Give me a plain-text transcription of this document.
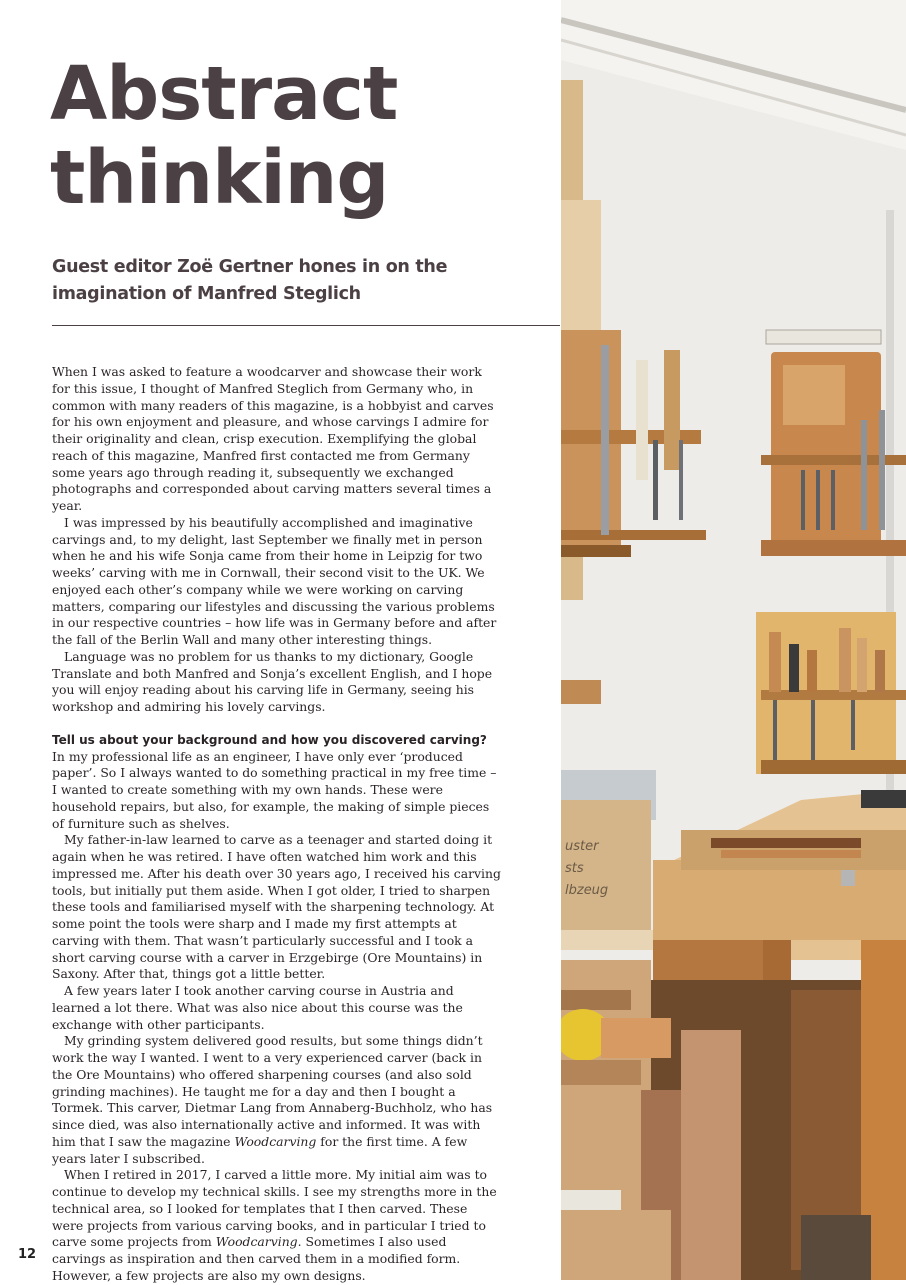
Abstract
thinking
Guest editor Zoë Gertner hones in on the imagination of Manfred Steglich

When I was asked to feature a woodcarver and showcase their work for this issue, I thought of Manfred Steglich from Germany who, in common with many readers of this magazine, is a hobbyist and carves for his own enjoyment and pleasure, and whose carvings I admire for their originality and clean, crisp execution. Exemplifying the global reach of this magazine, Manfred first contacted me from Germany some years ago through reading it, subsequently we exchanged photographs and corresponded about carving matters several times a year.

I was impressed by his beautifully accomplished and imaginative carvings and, to my delight, last September we finally met in person when he and his wife Sonja came from their home in Leipzig for two weeks’ carving with me in Cornwall, their second visit to the UK. We enjoyed each other’s company while we were working on carving matters, comparing our lifestyles and discussing the various problems in our respective countries – how life was in Germany before and after the fall of the Berlin Wall and many other interesting things.

Language was no problem for us thanks to my dictionary, Google Translate and both Manfred and Sonja’s excellent English, and I hope you will enjoy reading about his carving life in Germany, seeing his workshop and admiring his lovely carvings.

Tell us about your background and how you discovered carving?

In my professional life as an engineer, I have only ever ‘produced paper’. So I always wanted to do something practical in my free time – I wanted to create something with my own hands. These were household repairs, but also, for example, the making of simple pieces of furniture such as shelves.

My father-in-law learned to carve as a teenager and started doing it again when he was retired. I have often watched him work and this impressed me. After his death over 30 years ago, I received his carving tools, but initially put them aside. When I got older, I tried to sharpen these tools and familiarised myself with the sharpening technology. At some point the tools were sharp and I made my first attempts at carving with them. That wasn’t particularly successful and I took a short carving course with a carver in Erzgebirge (Ore Mountains) in Saxony. After that, things got a little better.

A few years later I took another carving course in Austria and learned a lot there. What was also nice about this course was the exchange with other participants.

My grinding system delivered good results, but some things didn’t work the way I wanted. I went to a very experienced carver (back in the Ore Mountains) who offered sharpening courses (and also sold grinding machines). He taught me for a day and then I bought a Tormek. This carver, Dietmar Lang from Annaberg-Buchholz, who has since died, was also internationally active and informed. It was with him that I saw the magazine Woodcarving for the first time. A few years later I subscribed.

When I retired in 2017, I carved a little more. My initial aim was to continue to develop my technical skills. I see my strengths more in the technical area, so I looked for templates that I then carved. These were projects from various carving books, and in particular I tried to carve some projects from Woodcarving. Sometimes I also used carvings as inspiration and then carved them in a modified form. However, a few projects are also my own designs.

12
uster
sts
lbzeug
